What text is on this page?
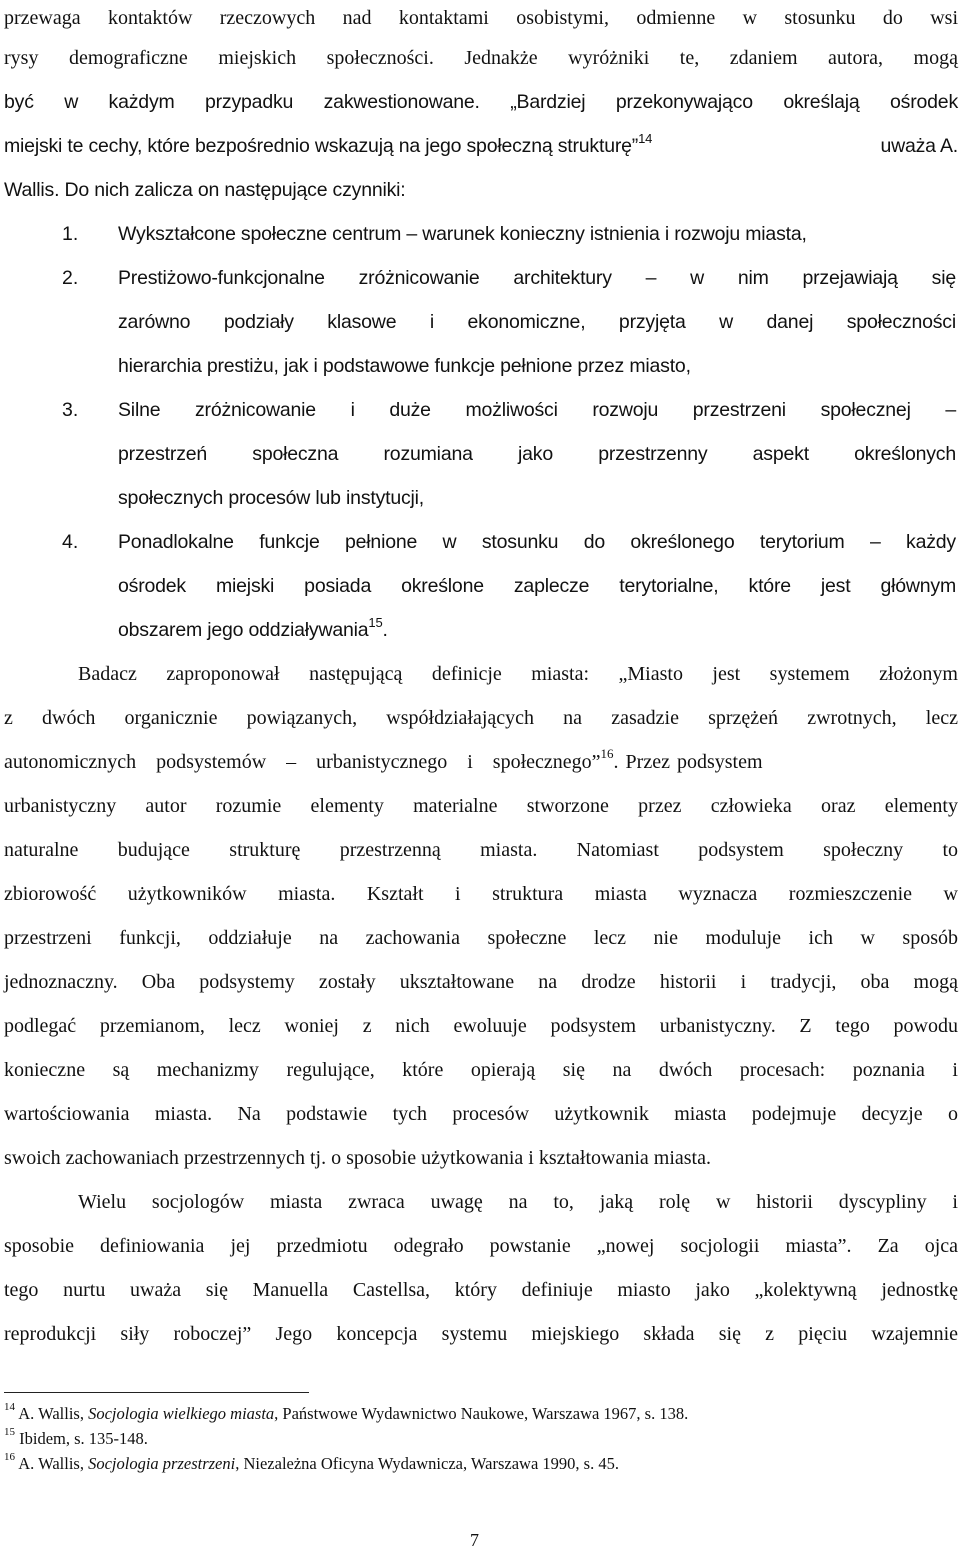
przewaga kontaktów rzeczowych nad kontaktami osobistymi, odmienne w stosunku do wsi
rysy demograficzne miejskich społeczności. Jednakże wyróżniki te, zdaniem autora, mogą
być w każdym przypadku zakwestionowane. „Bardziej przekonywająco określają ośrodek
miejski te cechy, które bezpośrednio wskazują na jego społeczną strukturę”$^{14}$	uważa A.
Wallis. Do nich zalicza on następujące czynniki:
1.	Wykształcone społeczne centrum – warunek konieczny istnienia i rozwoju miasta,
2.	Prestiżowo-funkcjonalne zróżnicowanie architektury – w nim przejawiają się
zarówno podziały klasowe i ekonomiczne, przyjęta w danej społeczności
hierarchia prestiżu, jak i podstawowe funkcje pełnione przez miasto,
3.	Silne zróżnicowanie i duże możliwości rozwoju przestrzeni społecznej –
przestrzeń społeczna rozumiana jako przestrzenny aspekt określonych
społecznych procesów lub instytucji,
4.	Ponadlokalne funkcje pełnione w stosunku do określonego terytorium – każdy
ośrodek miejski posiada określone zaplecze terytorialne, które jest głównym
obszarem jego oddziaływania$^{15}$.
Badacz zaproponował następującą definicje miasta: „Miasto jest systemem złożonym
z dwóch organicznie powiązanych, współdziałających na zasadzie sprzężeń zwrotnych, lecz
autonomicznych podsystemów – urbanistycznego i społecznego”$^{16}$. Przez podsystem
urbanistyczny autor rozumie elementy materialne stworzone przez człowieka oraz elementy
naturalne budujące strukturę przestrzenną miasta. Natomiast podsystem społeczny to
zbiorowość użytkowników miasta. Kształt i struktura miasta wyznacza rozmieszczenie w
przestrzeni funkcji, oddziałuje na zachowania społeczne lecz nie moduluje ich w sposób
jednoznaczny. Oba podsystemy zostały ukształtowane na drodze historii i tradycji, oba mogą
podlegać przemianom, lecz woniej z nich ewoluuje podsystem urbanistyczny. Z tego powodu
konieczne są mechanizmy regulujące, które opierają się na dwóch procesach: poznania i
wartościowania miasta. Na podstawie tych procesów użytkownik miasta podejmuje decyzje o
swoich zachowaniach przestrzennych tj. o sposobie użytkowania i kształtowania miasta.
Wielu socjologów miasta zwraca uwagę na to, jaką rolę w historii dyscypliny i
sposobie definiowania jej przedmiotu odegrało powstanie „nowej socjologii miasta”. Za ojca
tego nurtu uważa się Manuella Castellsa, który definiuje miasto jako „kolektywną jednostkę
reprodukcji siły roboczej” Jego koncepcja systemu miejskiego składa się z pięciu wzajemnie
$^{14}$ A. Wallis, Socjologia wielkiego miasta, Państwowe Wydawnictwo Naukowe, Warszawa 1967, s. 138.
$^{15}$ Ibidem, s. 135-148.
$^{16}$ A. Wallis, Socjologia przestrzeni, Niezależna Oficyna Wydawnicza, Warszawa 1990, s. 45.
7
